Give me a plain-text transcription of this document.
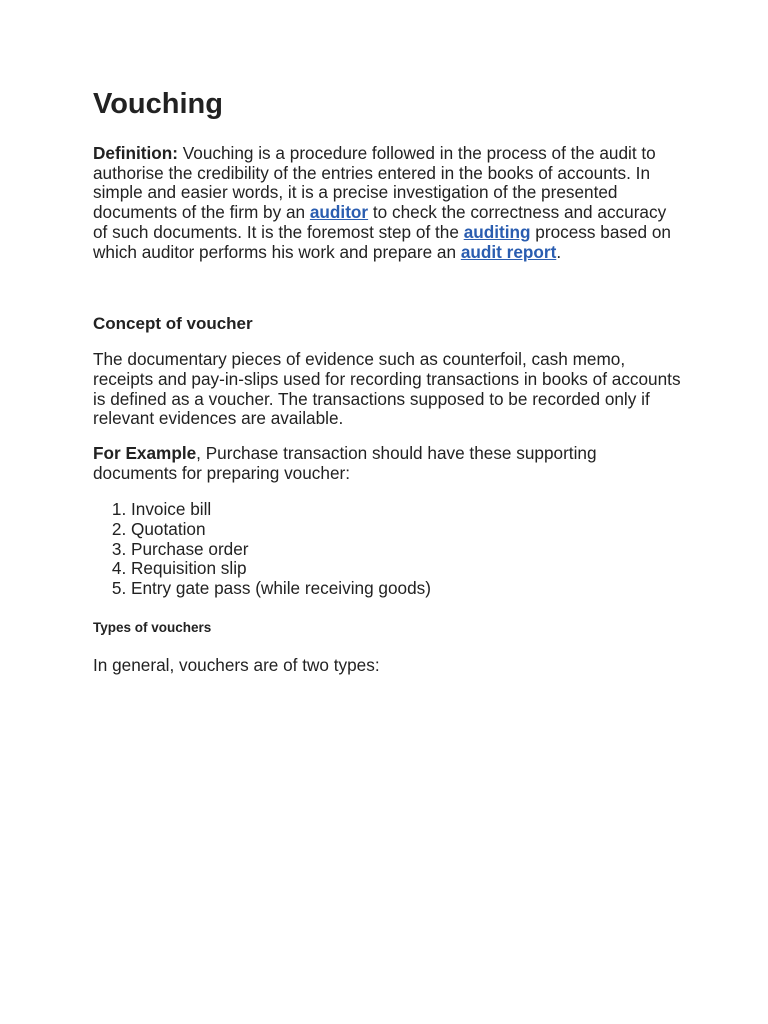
Vouching

Definition: Vouching is a procedure followed in the process of the audit to authorise the credibility of the entries entered in the books of accounts. In simple and easier words, it is a precise investigation of the presented documents of the firm by an auditor to check the correctness and accuracy of such documents. It is the foremost step of the auditing process based on which auditor performs his work and prepare an audit report.

Concept of voucher

The documentary pieces of evidence such as counterfoil, cash memo, receipts and pay-in-slips used for recording transactions in books of accounts is defined as a voucher. The transactions supposed to be recorded only if relevant evidences are available.

For Example, Purchase transaction should have these supporting documents for preparing voucher:

1. Invoice bill
2. Quotation
3. Purchase order
4. Requisition slip
5. Entry gate pass (while receiving goods)
Types of vouchers

In general, vouchers are of two types:
